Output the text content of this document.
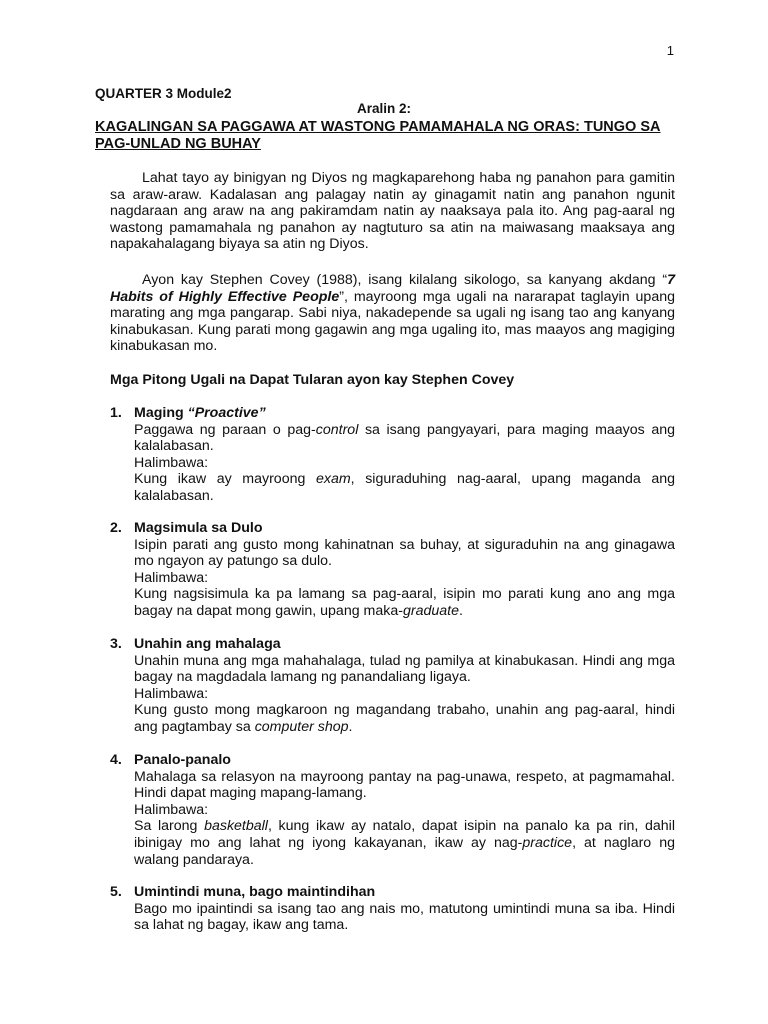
1
QUARTER 3 Module2
Aralin 2:
KAGALINGAN SA PAGGAWA AT WASTONG PAMAMAHALA NG ORAS: TUNGO SA PAG-UNLAD NG BUHAY
Lahat tayo ay binigyan ng Diyos ng magkaparehong haba ng panahon para gamitin sa araw-araw. Kadalasan ang palagay natin ay ginagamit natin ang panahon ngunit nagdaraan ang araw na ang pakiramdam natin ay naaksaya pala ito. Ang pag-aaral ng wastong pamamahala ng panahon ay nagtuturo sa atin na maiwasang maaksaya ang napakahalagang biyaya sa atin ng Diyos.
Ayon kay Stephen Covey (1988), isang kilalang sikologo, sa kanyang akdang “7 Habits of Highly Effective People”, mayroong mga ugali na nararapat taglayin upang marating ang mga pangarap. Sabi niya, nakadepende sa ugali ng isang tao ang kanyang kinabukasan. Kung parati mong gagawin ang mga ugaling ito, mas maayos ang magiging kinabukasan mo.
Mga Pitong Ugali na Dapat Tularan ayon kay Stephen Covey
1. Maging “Proactive”
Paggawa ng paraan o pag-control sa isang pangyayari, para maging maayos ang kalalabasan.
Halimbawa:
Kung ikaw ay mayroong exam, siguraduhing nag-aaral, upang maganda ang kalalabasan.
2. Magsimula sa Dulo
Isipin parati ang gusto mong kahinatnan sa buhay, at siguraduhin na ang ginagawa mo ngayon ay patungo sa dulo.
Halimbawa:
Kung nagsisimula ka pa lamang sa pag-aaral, isipin mo parati kung ano ang mga bagay na dapat mong gawin, upang maka-graduate.
3. Unahin ang mahalaga
Unahin muna ang mga mahahalaga, tulad ng pamilya at kinabukasan. Hindi ang mga bagay na magdadala lamang ng panandaliang ligaya.
Halimbawa:
Kung gusto mong magkaroon ng magandang trabaho, unahin ang pag-aaral, hindi ang pagtambay sa computer shop.
4. Panalo-panalo
Mahalaga sa relasyon na mayroong pantay na pag-unawa, respeto, at pagmamahal. Hindi dapat maging mapang-lamang.
Halimbawa:
Sa larong basketball, kung ikaw ay natalo, dapat isipin na panalo ka pa rin, dahil ibinigay mo ang lahat ng iyong kakayanan, ikaw ay nag-practice, at naglaro ng walang pandaraya.
5. Umintindi muna, bago maintindihan
Bago mo ipaintindi sa isang tao ang nais mo, matutong umintindi muna sa iba. Hindi sa lahat ng bagay, ikaw ang tama.
